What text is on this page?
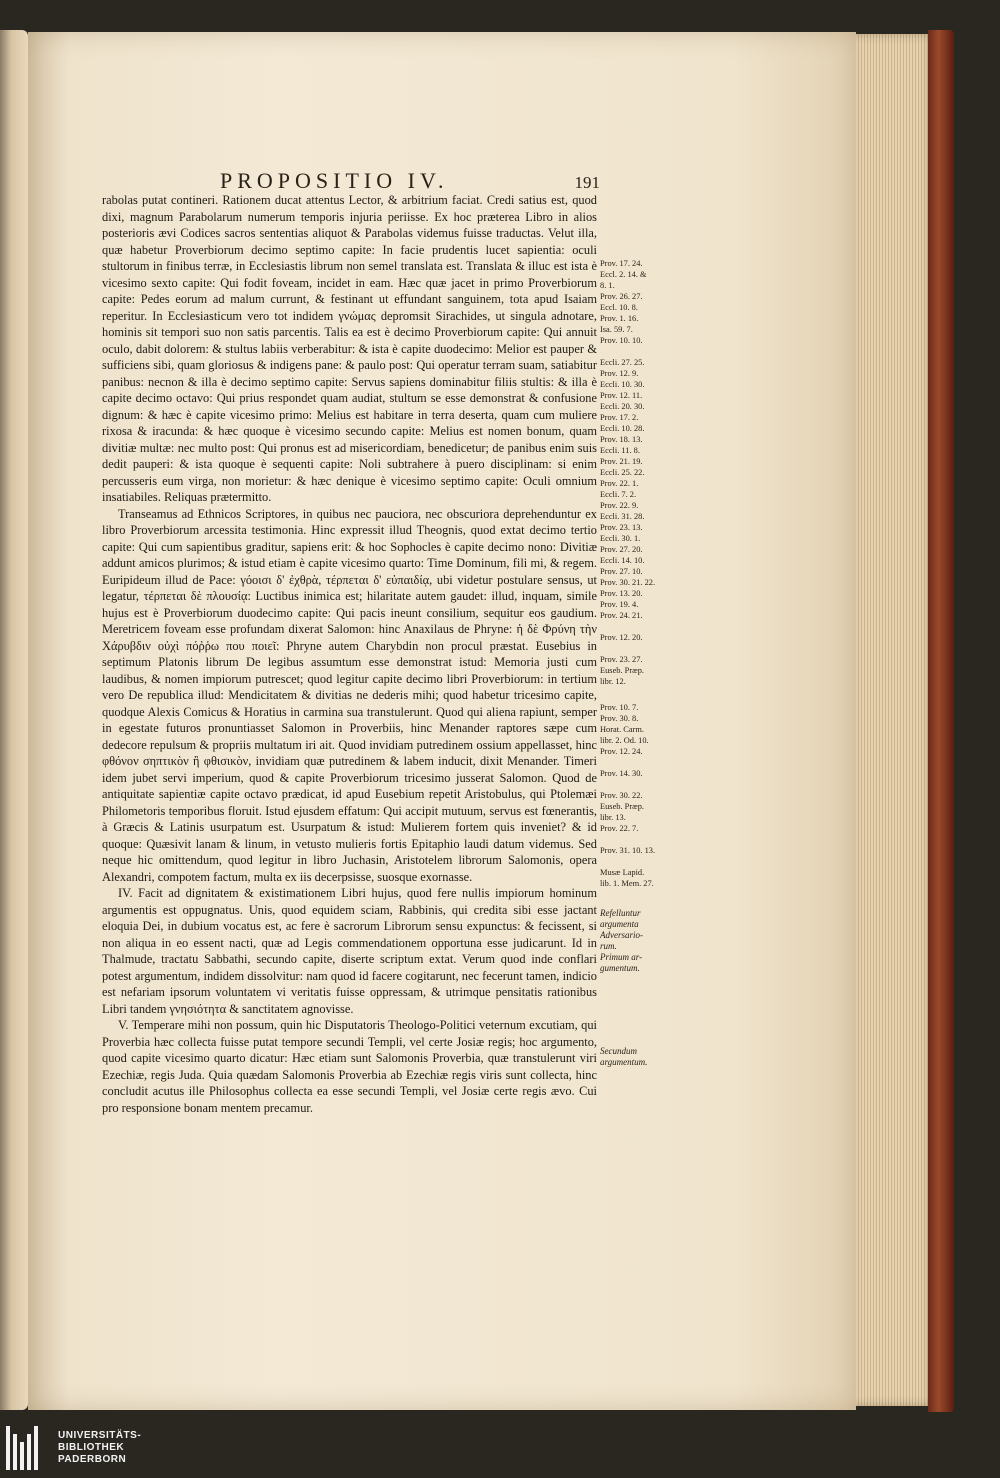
PROPOSITIO IV.	191

rabolas putat contineri. Rationem ducat attentus Lector, & arbitrium faciat. Credi satius est, quod dixi, magnum Parabolarum numerum temporis injuria periisse. Ex hoc præterea Libro in alios posterioris ævi Codices sacros sententias aliquot & Parabolas videmus fuisse traductas. Velut illa, quæ habetur Proverbiorum decimo septimo capite: In facie prudentis lucet sapientia: oculi stultorum in finibus terræ, in Ecclesiastis librum non semel translata est. Translata & illuc est ista è vicesimo sexto capite: Qui fodit foveam, incidet in eam. Hæc quæ jacet in primo Proverbiorum capite: Pedes eorum ad malum currunt, & festinant ut effundant sanguinem, tota apud Isaiam reperitur. In Ecclesiasticum vero tot indidem γνώμας depromsit Sirachides, ut singula adnotare, hominis sit tempori suo non satis parcentis. Talis ea est è decimo Proverbiorum capite: Qui annuit oculo, dabit dolorem: & stultus labiis verberabitur: & ista è capite duodecimo: Melior est pauper & sufficiens sibi, quam gloriosus & indigens pane: & paulo post: Qui operatur terram suam, satiabitur panibus: necnon & illa è decimo septimo capite: Servus sapiens dominabitur filiis stultis: & illa è capite decimo octavo: Qui prius respondet quam audiat, stultum se esse demonstrat & confusione dignum: & hæc è capite vicesimo primo: Melius est habitare in terra deserta, quam cum muliere rixosa & iracunda: & hæc quoque è vicesimo secundo capite: Melius est nomen bonum, quam divitiæ multæ: nec multo post: Qui pronus est ad misericordiam, benedicetur; de panibus enim suis dedit pauperi: & ista quoque è sequenti capite: Noli subtrahere à puero disciplinam: si enim percusseris eum virga, non morietur: & hæc denique è vicesimo septimo capite: Oculi omnium insatiabiles. Reliquas prætermitto.

Transeamus ad Ethnicos Scriptores, in quibus nec pauciora, nec obscuriora deprehenduntur ex libro Proverbiorum arcessita testimonia. Hinc expressit illud Theognis, quod extat decimo tertio capite: Qui cum sapientibus graditur, sapiens erit: & hoc Sophocles è capite decimo nono: Divitiæ addunt amicos plurimos; & istud etiam è capite vicesimo quarto: Time Dominum, fili mi, & regem. Euripideum illud de Pace: γόοισι δ' ἐχθρὰ, τέρπεται δ' εὐπαιδίᾳ, ubi videtur postulare sensus, ut legatur, τέρπεται δὲ πλουσίᾳ: Luctibus inimica est; hilaritate autem gaudet: illud, inquam, simile hujus est è Proverbiorum duodecimo capite: Qui pacis ineunt consilium, sequitur eos gaudium. Meretricem foveam esse profundam dixerat Salomon: hinc Anaxilaus de Phryne: ἡ δὲ Φρύνη τὴν Χάρυβδιν οὐχὶ πόῤῥω που ποιεῖ: Phryne autem Charybdin non procul præstat. Eusebius in septimum Platonis librum De legibus assumtum esse demonstrat istud: Memoria justi cum laudibus, & nomen impiorum putrescet; quod legitur capite decimo libri Proverbiorum: in tertium vero De republica illud: Mendicitatem & divitias ne dederis mihi; quod habetur tricesimo capite, quodque Alexis Comicus & Horatius in carmina sua transtulerunt. Quod qui aliena rapiunt, semper in egestate futuros pronuntiasset Salomon in Proverbiis, hinc Menander raptores sæpe cum dedecore repulsum & propriis multatum iri ait. Quod invidiam putredinem ossium appellasset, hinc φθόνον σηπτικὸν ἢ φθισικὸν, invidiam quæ putredinem & labem inducit, dixit Menander. Timeri idem jubet servi imperium, quod & capite Proverbiorum tricesimo jusserat Salomon. Quod de antiquitate sapientiæ capite octavo prædicat, id apud Eusebium repetit Aristobulus, qui Ptolemæi Philometoris temporibus floruit. Istud ejusdem effatum: Qui accipit mutuum, servus est fœnerantis, à Græcis & Latinis usurpatum est. Usurpatum & istud: Mulierem fortem quis inveniet? & id quoque: Quæsivit lanam & linum, in vetusto mulieris fortis Epitaphio laudi datum videmus. Sed neque hic omittendum, quod legitur in libro Juchasin, Aristotelem librorum Salomonis, opera Alexandri, compotem factum, multa ex iis decerpsisse, suosque exornasse.

IV. Facit ad dignitatem & existimationem Libri hujus, quod fere nullis impiorum hominum argumentis est oppugnatus. Unis, quod equidem sciam, Rabbinis, qui credita sibi esse jactant eloquia Dei, in dubium vocatus est, ac fere è sacrorum Librorum sensu expunctus: & fecissent, si non aliqua in eo essent nacti, quæ ad Legis commendationem opportuna esse judicarunt. Id in Thalmude, tractatu Sabbathi, secundo capite, diserte scriptum extat. Verum quod inde conflari potest argumentum, indidem dissolvitur: nam quod id facere cogitarunt, nec fecerunt tamen, indicio est nefariam ipsorum voluntatem vi veritatis fuisse oppressam, & utrimque pensitatis rationibus Libri tandem γνησιότητα & sanctitatem agnovisse.

V. Temperare mihi non possum, quin hic Disputatoris Theologo-Politici veternum excutiam, qui Proverbia hæc collecta fuisse putat tempore secundi Templi, vel certe Josiæ regis; hoc argumento, quod capite vicesimo quarto dicatur: Hæc etiam sunt Salomonis Proverbia, quæ transtulerunt viri Ezechiæ, regis Juda. Quia quædam Salomonis Proverbia ab Ezechiæ regis viris sunt collecta, hinc concludit acutus ille Philosophus collecta ea esse secundi Templi, vel Josiæ certe regis ævo. Cui pro responsione bonam mentem precamur.

Prov. 17. 24.
Eccl. 2. 14. &
8. 1.
Prov. 26. 27.
Eccl. 10. 8.
Prov. 1. 16.
Isa. 59. 7.
Prov. 10. 10.
Eccli. 27. 25.
Prov. 12. 9.
Eccli. 10. 30.
Prov. 12. 11.
Eccli. 20. 30.
Prov. 17. 2.
Eccli. 10. 28.
Prov. 18. 13.
Eccli. 11. 8.
Prov. 21. 19.
Eccli. 25. 22.
Prov. 22. 1.
Eccli. 7. 2.
Prov. 22. 9.
Eccli. 31. 28.
Prov. 23. 13.
Eccli. 30. 1.
Prov. 27. 20.
Eccli. 14. 10.
Prov. 27. 10.
Prov. 30. 21. 22.
Prov. 13. 20.
Prov. 19. 4.
Prov. 24. 21.
Prov. 12. 20.
Prov. 23. 27.
Euseb. Præp.
libr. 12.
Prov. 10. 7.
Prov. 30. 8.
Horat. Carm.
libr. 2. Od. 10.
Prov. 12. 24.
Prov. 14. 30.
Prov. 30. 22.
Euseb. Præp.
libr. 13.
Prov. 22. 7.
Prov. 31. 10. 13.
Musæ Lapid.
lib. 1. Mem. 27.
Refelluntur
argumenta
Adversario-
rum.
Primum ar-
gumentum.
Secundum
argumentum.
UNIVERSITÄTS-
BIBLIOTHEK
PADERBORN
